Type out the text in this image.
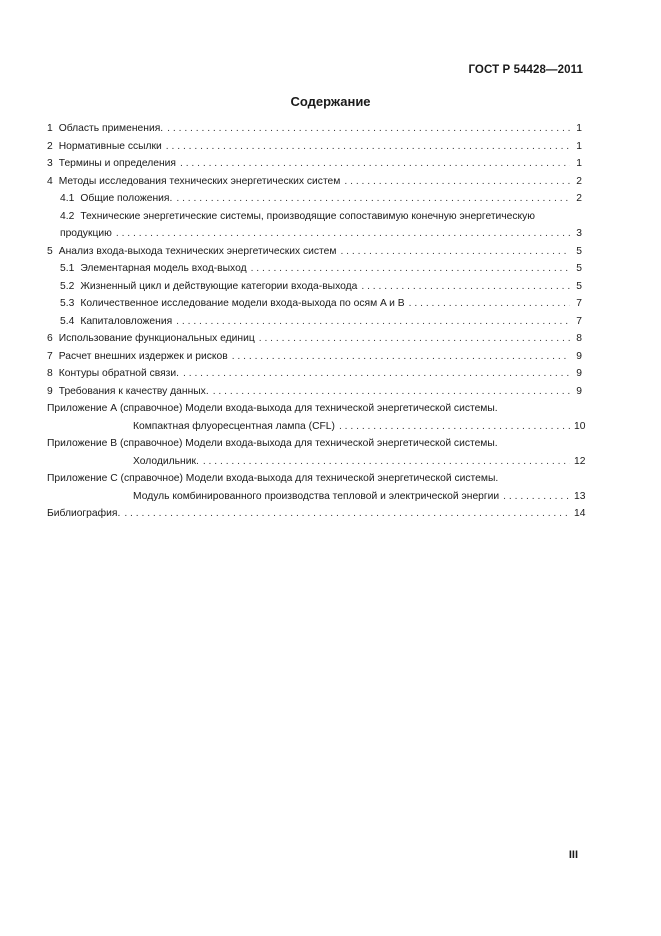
ГОСТ Р 54428—2011
Содержание
1 Область применения. . . .	1
2 Нормативные ссылки . . .	1
3 Термины и определения . . .	1
4 Методы исследования технических энергетических систем . . .	2
4.1 Общие положения. . . .	2
4.2 Технические энергетические системы, производящие сопоставимую конечную энергетическую
продукцию . . .	3
5 Анализ входа-выхода технических энергетических систем . . .	5
5.1 Элементарная модель вход-выход . . .	5
5.2 Жизненный цикл и действующие категории входа-выхода . . .	5
5.3 Количественное исследование модели входа-выхода по осям A и B . . .	7
5.4 Капиталовложения . . .	7
6 Использование функциональных единиц . . .	8
7 Расчет внешних издержек и рисков . . .	9
8 Контуры обратной связи. . . .	9
9 Требования к качеству данных. . . .	9
Приложение А (справочное) Модели входа-выхода для технической энергетической системы.
Компактная флуоресцентная лампа (CFL) . . .	10
Приложение В (справочное) Модели входа-выхода для технической энергетической системы.
Холодильник. . . .	12
Приложение С (справочное) Модели входа-выхода для технической энергетической системы.
Модуль комбинированного производства тепловой и электрической энергии . . .	13
Библиография. . . .	14
III
